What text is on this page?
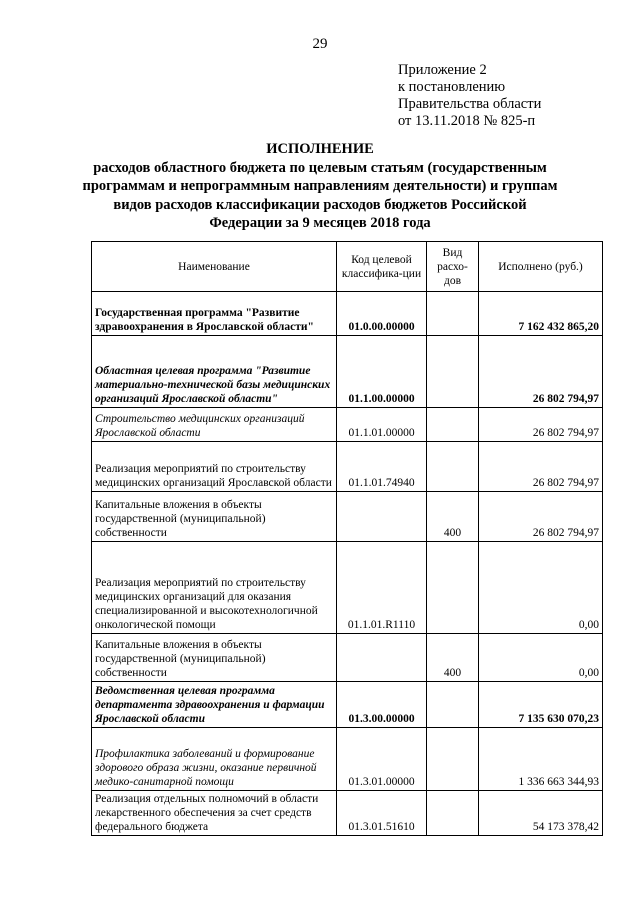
29
Приложение 2
к постановлению
Правительства области
от 13.11.2018 № 825-п
ИСПОЛНЕНИЕ
расходов областного бюджета по целевым статьям (государственным
программам и непрограммным направлениям деятельности) и группам
видов расходов классификации расходов бюджетов Российской
Федерации за 9 месяцев 2018 года
Наименование	Код целевой классифика-ции	Вид расхо-дов	Исполнено (руб.)
Государственная программа "Развитие здравоохранения в Ярославской области"	01.0.00.00000		7 162 432 865,20
Областная целевая программа "Развитие материально-технической базы медицинских организаций Ярославской области"	01.1.00.00000		26 802 794,97
Строительство медицинских организаций Ярославской области	01.1.01.00000		26 802 794,97
Реализация мероприятий по строительству медицинских организаций Ярославской области	01.1.01.74940		26 802 794,97
Капитальные вложения в объекты государственной (муниципальной) собственности		400	26 802 794,97
Реализация мероприятий по строительству медицинских организаций для оказания специализированной и высокотехнологичной онкологической помощи	01.1.01.R1110		0,00
Капитальные вложения в объекты государственной (муниципальной) собственности		400	0,00
Ведомственная целевая программа департамента здравоохранения и фармации Ярославской области	01.3.00.00000		7 135 630 070,23
Профилактика заболеваний и формирование здорового образа жизни, оказание первичной медико-санитарной помощи	01.3.01.00000		1 336 663 344,93
Реализация отдельных полномочий в области лекарственного обеспечения за счет средств федерального бюджета	01.3.01.51610		54 173 378,42
